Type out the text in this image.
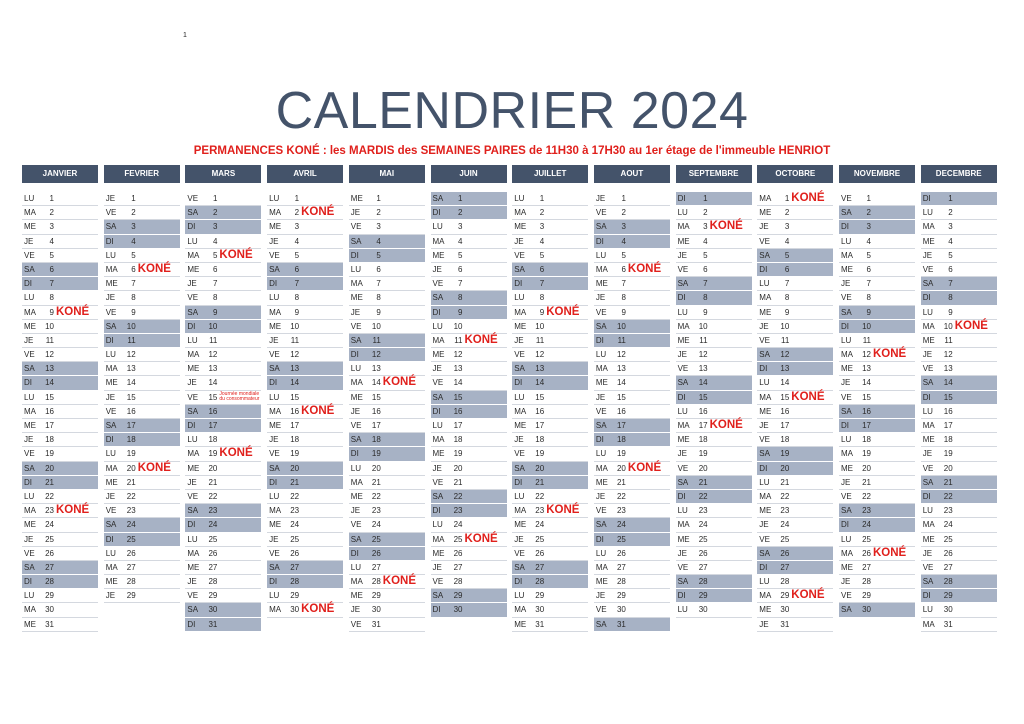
1
CALENDRIER 2024
PERMANENCES KONÉ : les MARDIS des SEMAINES PAIRES de 11H30 à 17H30 au 1er étage de l'immeuble HENRIOT
JANVIER
LU	1
MA	2
ME	3
JE	4
VE	5
SA	6
DI	7
LU	8
MA	9 KONÉ
ME	10
JE	11
VE	12
SA	13
DI	14
LU	15
MA	16
ME	17
JE	18
VE	19
SA	20
DI	21
LU	22
MA	23 KONÉ
ME	24
JE	25
VE	26
SA	27
DI	28
LU	29
MA	30
ME	31
FEVRIER
JE	1
VE	2
SA	3
DI	4
LU	5
MA	6 KONÉ
ME	7
JE	8
VE	9
SA	10
DI	11
LU	12
MA	13
ME	14
JE	15
VE	16
SA	17
DI	18
LU	19
MA	20 KONÉ
ME	21
JE	22
VE	23
SA	24
DI	25
LU	26
MA	27
ME	28
JE	29
MARS
VE	1
SA	2
DI	3
LU	4
MA	5 KONÉ
ME	6
JE	7
VE	8
SA	9
DI	10
LU	11
MA	12
ME	13
JE	14
VE	15 Journée mondiale du consommateur
SA	16
DI	17
LU	18
MA	19 KONÉ
ME	20
JE	21
VE	22
SA	23
DI	24
LU	25
MA	26
ME	27
JE	28
VE	29
SA	30
DI	31
AVRIL
LU	1
MA	2 KONÉ
ME	3
JE	4
VE	5
SA	6
DI	7
LU	8
MA	9
ME	10
JE	11
VE	12
SA	13
DI	14
LU	15
MA	16 KONÉ
ME	17
JE	18
VE	19
SA	20
DI	21
LU	22
MA	23
ME	24
JE	25
VE	26
SA	27
DI	28
LU	29
MA	30 KONÉ
MAI
ME	1
JE	2
VE	3
SA	4
DI	5
LU	6
MA	7
ME	8
JE	9
VE	10
SA	11
DI	12
LU	13
MA	14 KONÉ
ME	15
JE	16
VE	17
SA	18
DI	19
LU	20
MA	21
ME	22
JE	23
VE	24
SA	25
DI	26
LU	27
MA	28 KONÉ
ME	29
JE	30
VE	31
JUIN
SA	1
DI	2
LU	3
MA	4
ME	5
JE	6
VE	7
SA	8
DI	9
LU	10
MA	11 KONÉ
ME	12
JE	13
VE	14
SA	15
DI	16
LU	17
MA	18
ME	19
JE	20
VE	21
SA	22
DI	23
LU	24
MA	25 KONÉ
ME	26
JE	27
VE	28
SA	29
DI	30
JUILLET
LU	1
MA	2
ME	3
JE	4
VE	5
SA	6
DI	7
LU	8
MA	9 KONÉ
ME	10
JE	11
VE	12
SA	13
DI	14
LU	15
MA	16
ME	17
JE	18
VE	19
SA	20
DI	21
LU	22
MA	23 KONÉ
ME	24
JE	25
VE	26
SA	27
DI	28
LU	29
MA	30
ME	31
AOUT
JE	1
VE	2
SA	3
DI	4
LU	5
MA	6 KONÉ
ME	7
JE	8
VE	9
SA	10
DI	11
LU	12
MA	13
ME	14
JE	15
VE	16
SA	17
DI	18
LU	19
MA	20 KONÉ
ME	21
JE	22
VE	23
SA	24
DI	25
LU	26
MA	27
ME	28
JE	29
VE	30
SA	31
SEPTEMBRE
DI	1
LU	2
MA	3 KONÉ
ME	4
JE	5
VE	6
SA	7
DI	8
LU	9
MA	10
ME	11
JE	12
VE	13
SA	14
DI	15
LU	16
MA	17 KONÉ
ME	18
JE	19
VE	20
SA	21
DI	22
LU	23
MA	24
ME	25
JE	26
VE	27
SA	28
DI	29
LU	30
OCTOBRE
MA	1 KONÉ
ME	2
JE	3
VE	4
SA	5
DI	6
LU	7
MA	8
ME	9
JE	10
VE	11
SA	12
DI	13
LU	14
MA	15 KONÉ
ME	16
JE	17
VE	18
SA	19
DI	20
LU	21
MA	22
ME	23
JE	24
VE	25
SA	26
DI	27
LU	28
MA	29 KONÉ
ME	30
JE	31
NOVEMBRE
VE	1
SA	2
DI	3
LU	4
MA	5
ME	6
JE	7
VE	8
SA	9
DI	10
LU	11
MA	12 KONÉ
ME	13
JE	14
VE	15
SA	16
DI	17
LU	18
MA	19
ME	20
JE	21
VE	22
SA	23
DI	24
LU	25
MA	26 KONÉ
ME	27
JE	28
VE	29
SA	30
DECEMBRE
DI	1
LU	2
MA	3
ME	4
JE	5
VE	6
SA	7
DI	8
LU	9
MA	10 KONÉ
ME	11
JE	12
VE	13
SA	14
DI	15
LU	16
MA	17
ME	18
JE	19
VE	20
SA	21
DI	22
LU	23
MA	24
ME	25
JE	26
VE	27
SA	28
DI	29
LU	30
MA	31
